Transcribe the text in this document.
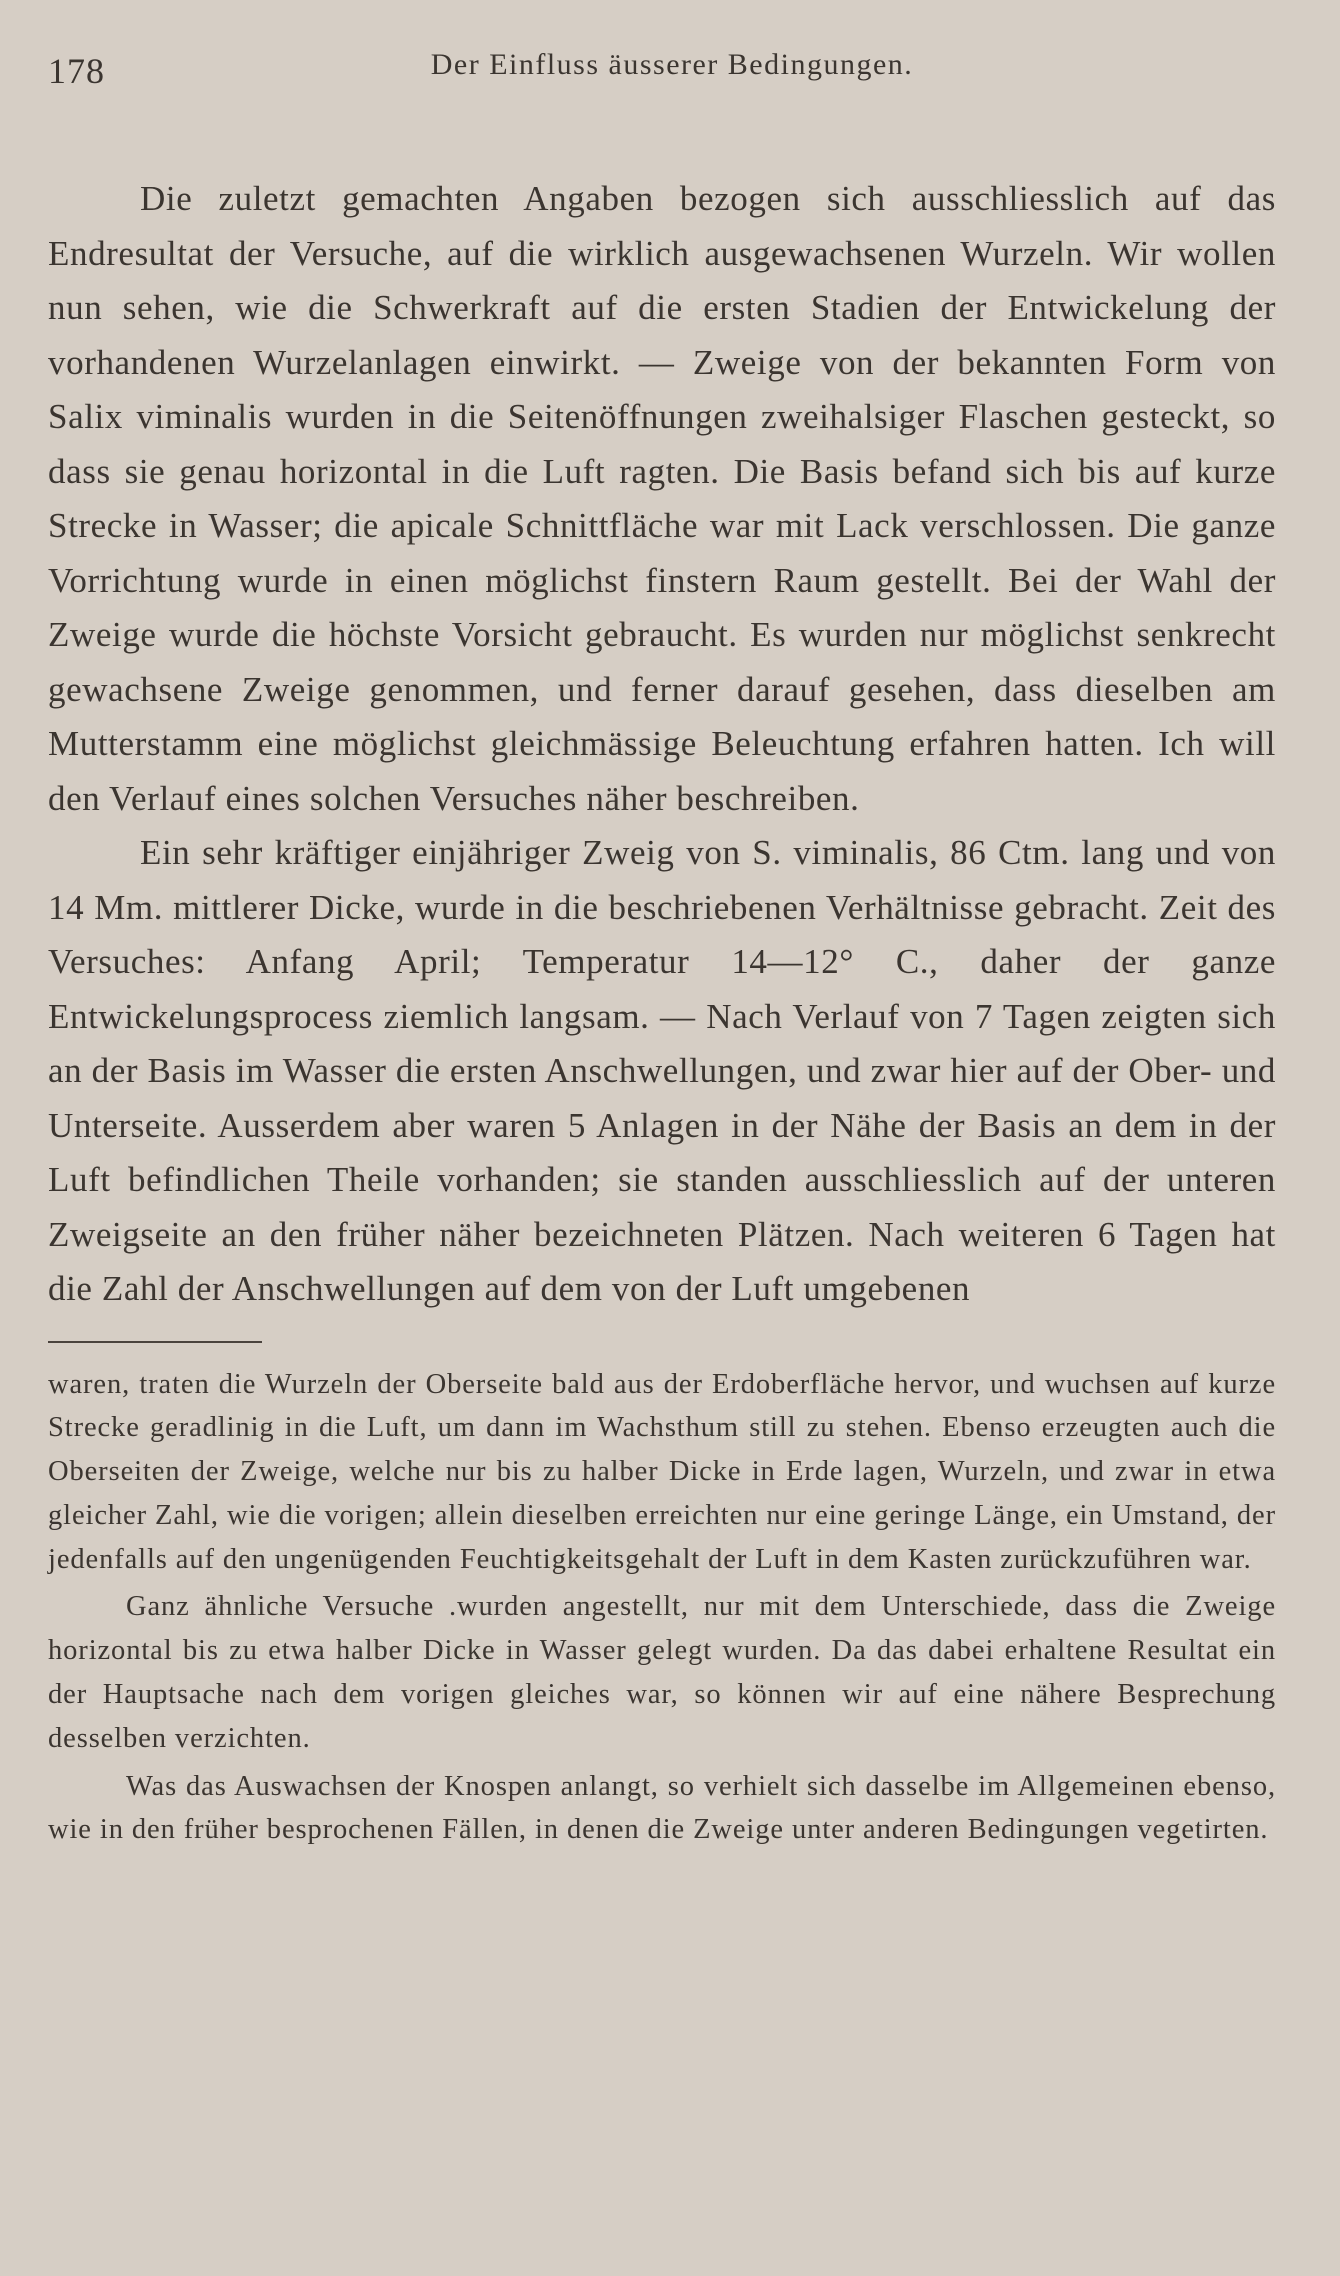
178	Der Einfluss äusserer Bedingungen.

Die zuletzt gemachten Angaben bezogen sich ausschliesslich auf das Endresultat der Versuche, auf die wirklich ausgewachsenen Wurzeln. Wir wollen nun sehen, wie die Schwerkraft auf die ersten Stadien der Entwickelung der vorhandenen Wurzelanlagen einwirkt. — Zweige von der bekannten Form von Salix viminalis wurden in die Seitenöffnungen zweihalsiger Flaschen gesteckt, so dass sie genau horizontal in die Luft ragten. Die Basis befand sich bis auf kurze Strecke in Wasser; die apicale Schnittfläche war mit Lack verschlossen. Die ganze Vorrichtung wurde in einen möglichst finstern Raum gestellt. Bei der Wahl der Zweige wurde die höchste Vorsicht gebraucht. Es wurden nur möglichst senkrecht gewachsene Zweige genommen, und ferner darauf gesehen, dass dieselben am Mutterstamm eine möglichst gleichmässige Beleuchtung erfahren hatten. Ich will den Verlauf eines solchen Versuches näher beschreiben.

Ein sehr kräftiger einjähriger Zweig von S. viminalis, 86 Ctm. lang und von 14 Mm. mittlerer Dicke, wurde in die beschriebenen Verhältnisse gebracht. Zeit des Versuches: Anfang April; Temperatur 14—12° C., daher der ganze Entwickelungsprocess ziemlich langsam. — Nach Verlauf von 7 Tagen zeigten sich an der Basis im Wasser die ersten Anschwellungen, und zwar hier auf der Ober- und Unterseite. Ausserdem aber waren 5 Anlagen in der Nähe der Basis an dem in der Luft befindlichen Theile vorhanden; sie standen ausschliesslich auf der unteren Zweigseite an den früher näher bezeichneten Plätzen. Nach weiteren 6 Tagen hat die Zahl der Anschwellungen auf dem von der Luft umgebenen

waren, traten die Wurzeln der Oberseite bald aus der Erdoberfläche hervor, und wuchsen auf kurze Strecke geradlinig in die Luft, um dann im Wachsthum still zu stehen. Ebenso erzeugten auch die Oberseiten der Zweige, welche nur bis zu halber Dicke in Erde lagen, Wurzeln, und zwar in etwa gleicher Zahl, wie die vorigen; allein dieselben erreichten nur eine geringe Länge, ein Umstand, der jedenfalls auf den ungenügenden Feuchtigkeitsgehalt der Luft in dem Kasten zurückzuführen war.

Ganz ähnliche Versuche .wurden angestellt, nur mit dem Unterschiede, dass die Zweige horizontal bis zu etwa halber Dicke in Wasser gelegt wurden. Da das dabei erhaltene Resultat ein der Hauptsache nach dem vorigen gleiches war, so können wir auf eine nähere Besprechung desselben verzichten.

Was das Auswachsen der Knospen anlangt, so verhielt sich dasselbe im Allgemeinen ebenso, wie in den früher besprochenen Fällen, in denen die Zweige unter anderen Bedingungen vegetirten.
